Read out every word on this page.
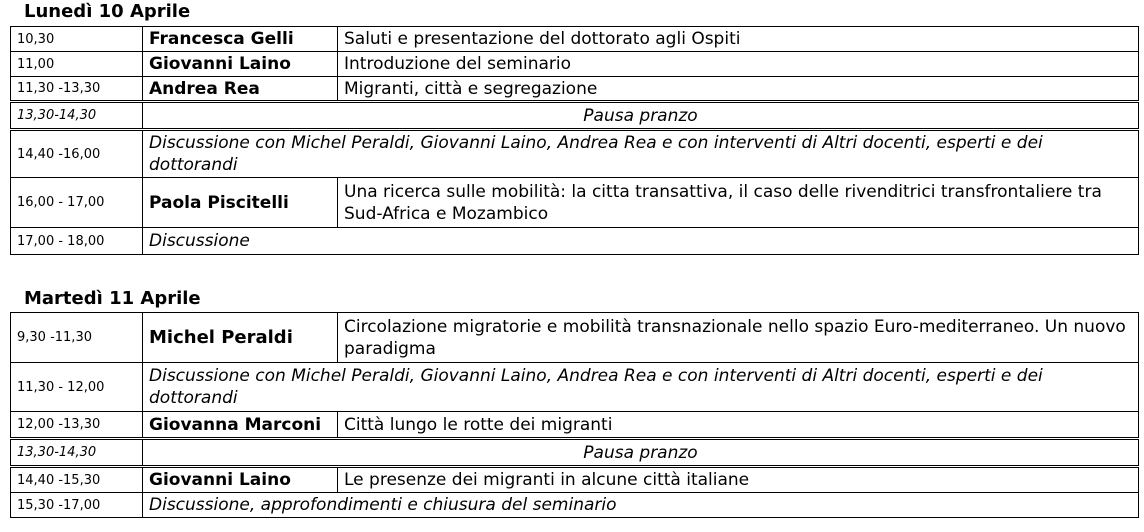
Lunedì 10 Aprile
10,30	Francesca Gelli	Saluti e presentazione del dottorato agli Ospiti
11,00	Giovanni Laino	Introduzione del seminario
11,30 -13,30	Andrea Rea	Migranti, città e segregazione
13,30-14,30	Pausa pranzo	
14,40 -16,00	Discussione con Michel Peraldi, Giovanni Laino, Andrea Rea e con interventi di Altri docenti, esperti e dei dottorandi	
16,00 - 17,00	Paola Piscitelli	Una ricerca sulle mobilità: la citta transattiva, il caso delle rivenditrici transfrontaliere tra Sud-Africa e Mozambico
17,00 - 18,00	Discussione	
Martedì 11 Aprile
9,30 -11,30	Michel Peraldi	Circolazione migratorie e mobilità transnazionale nello spazio Euro-mediterraneo. Un nuovo paradigma
11,30 - 12,00	Discussione con Michel Peraldi, Giovanni Laino, Andrea Rea e con interventi di Altri docenti, esperti e dei dottorandi	
12,00 -13,30	Giovanna Marconi	Città lungo le rotte dei migranti
13,30-14,30	Pausa pranzo	
14,40 -15,30	Giovanni Laino	Le presenze dei migranti in alcune città italiane
15,30 -17,00	Discussione, approfondimenti e chiusura del seminario	
